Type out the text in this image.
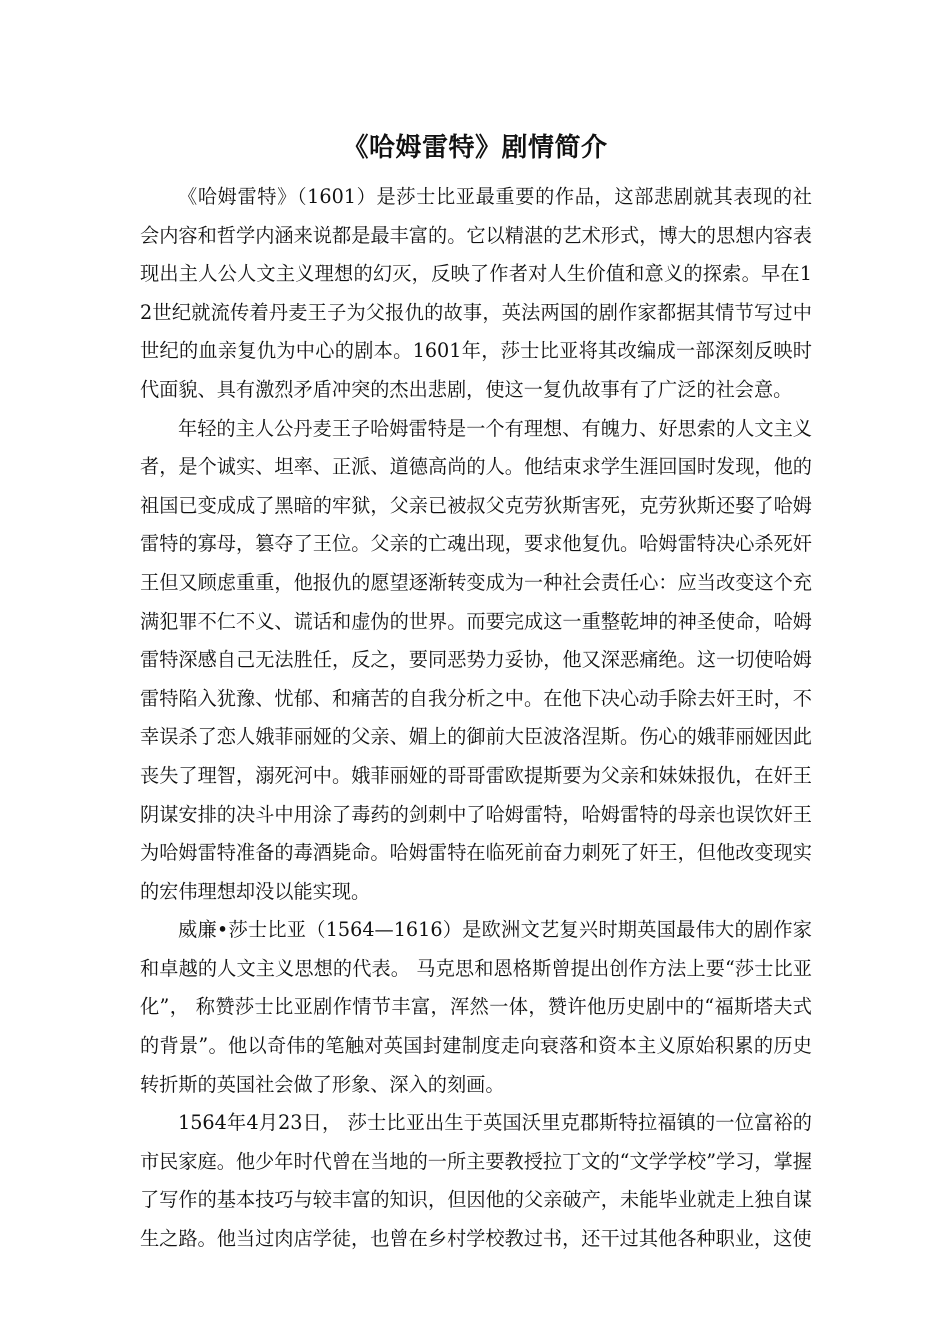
《哈姆雷特》剧情简介

《哈姆雷特》（1601）是莎士比亚最重要的作品，这部悲剧就其表现的社会内容和哲学内涵来说都是最丰富的。它以精湛的艺术形式，博大的思想内容表现出主人公人文主义理想的幻灭，反映了作者对人生价值和意义的探索。早在12世纪就流传着丹麦王子为父报仇的故事，英法两国的剧作家都据其情节写过中世纪的血亲复仇为中心的剧本。1601年，莎士比亚将其改编成一部深刻反映时代面貌、具有激烈矛盾冲突的杰出悲剧，使这一复仇故事有了广泛的社会意。

年轻的主人公丹麦王子哈姆雷特是一个有理想、有魄力、好思索的人文主义者，是个诚实、坦率、正派、道德高尚的人。他结束求学生涯回国时发现，他的祖国已变成成了黑暗的牢狱，父亲已被叔父克劳狄斯害死，克劳狄斯还娶了哈姆雷特的寡母，篡夺了王位。父亲的亡魂出现，要求他复仇。哈姆雷特决心杀死奸王但又顾虑重重，他报仇的愿望逐渐转变成为一种社会责任心：应当改变这个充满犯罪不仁不义、谎话和虚伪的世界。而要完成这一重整乾坤的神圣使命，哈姆雷特深感自己无法胜任，反之，要同恶势力妥协，他又深恶痛绝。这一切使哈姆雷特陷入犹豫、忧郁、和痛苦的自我分析之中。在他下决心动手除去奸王时，不幸误杀了恋人娥菲丽娅的父亲、媚上的御前大臣波洛涅斯。伤心的娥菲丽娅因此丧失了理智，溺死河中。娥菲丽娅的哥哥雷欧提斯要为父亲和妹妹报仇，在奸王阴谋安排的决斗中用涂了毒药的剑刺中了哈姆雷特，哈姆雷特的母亲也误饮奸王为哈姆雷特准备的毒酒毙命。哈姆雷特在临死前奋力刺死了奸王，但他改变现实的宏伟理想却没以能实现。

威廉•莎士比亚（1564—1616）是欧洲文艺复兴时期英国最伟大的剧作家和卓越的人文主义思想的代表。 马克思和恩格斯曾提出创作方法上要“莎士比亚化”， 称赞莎士比亚剧作情节丰富，浑然一体，赞许他历史剧中的“福斯塔夫式的背景”。他以奇伟的笔触对英国封建制度走向衰落和资本主义原始积累的历史转折斯的英国社会做了形象、深入的刻画。

1564年4月23日， 莎士比亚出生于英国沃里克郡斯特拉福镇的一位富裕的市民家庭。他少年时代曾在当地的一所主要教授拉丁文的“文学学校”学习，掌握了写作的基本技巧与较丰富的知识，但因他的父亲破产，未能毕业就走上独自谋生之路。他当过肉店学徒，也曾在乡村学校教过书，还干过其他各种职业，这使
